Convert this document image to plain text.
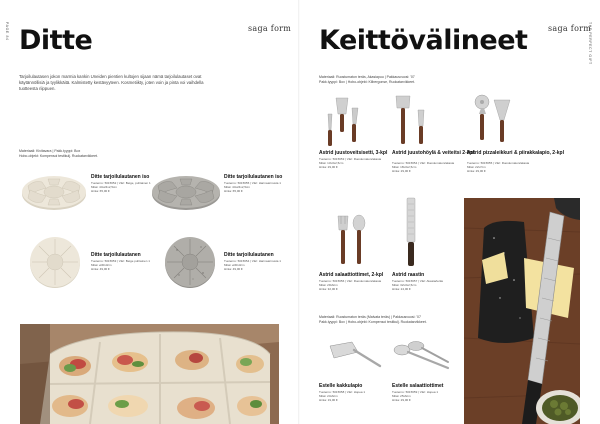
PAGE 84	saga form
Ditte
Tarjoilulautasen jokon marmia kankin Uneiden pientien kultojen sijaan nämä tarjoilulautaset ovat käytännöllisiä ja tyylikkäitä. Kalmistetty kestävyyteen. Kosmetiikty, joten voin ja pinta voi vaihdella tuotteesta riippuen.
Materiaali: Kivitavara | Pakk.tyyppi: Box
Hobo-objekt: Kompensoi testikulj. Ruokatarvikkeet.
Ditte tarjoilulautanen iso
Tuotenro: 5015652 | Väri: Beige, puhtainen 1
Mitat: 44x24x2,5cm
Hinta: 65,00 €
Ditte tarjoilulautanen iso
Tuotenro: 5015655 | Väri: Harmaa/musta 1
Mitat: 44x24x2,5cm
Hinta: 65,00 €
Ditte tarjoilulautanen
Tuotenro: 5015653 | Väri: Beige puhtainen 1
Mitat: ø30x3cm
Hinta: 49,00 €
Ditte tarjoilulautanen
Tuotenro: 5015654 | Väri: Harmaa/musta 1
Mitat: ø30x3cm
Hinta: 49,00 €
THE PERFECT GIFT
saga form
Keittövälineet
Materiaali: Ruostumaton teräs, Akasiapuu | Pakkausvuosi: '07
Pakk.tyyppi: Box | Hobo-objekt: Kilbergonse, Ruokatarvikkeet.
Astrid juustoveitsisetti, 3-kpl
Tuotenro: 5015653 | Väri: Ruostumaton/akasia
Mitat: 13x3x2,5cm
Hinta: 29,00 €
Astrid juustohöylä & veiteitsi 2-kpl
Tuotenro: 5015654 | Väri: Ruostumaton/akasia
Mitat: 18x3x2,5cm
Hinta: 29,00 €
Astrid pizzaleikkuri & piirakkalapio, 2-kpl
Tuotenro: 5015655 | Väri: Ruostumaton/akasia
Mitat: 22x7cm
Hinta: 29,00 €
Astrid salaattiottimet, 2-kpl
Tuotenro: 5015656 | Väri: Ruostumaton/akasia
Mitat: 29x6cm
Hinta: 32,00 €
Astrid raastin
Tuotenro: 5015657 | Väri: Akasia/teräs
Mitat: 32x3x2,5cm
Hinta: 24,00 €
Materiaali: Ruostumaton teräs (Malvata teräs) | Pakkausvuosi: '07
Pakk.tyyppi: Box | Hobo-objekt: Kompensoi testikulj. Ruokatarvikkeet.
Estelle kakkulapio
Tuotenro: 5015658 | Väri: Hopea 1
Mitat: 24x6cm
Hinta: 19,00 €
Estelle salaattiottimet
Tuotenro: 5015659 | Väri: Hopea 1
Mitat: 25x6cm
Hinta: 29,00 €
